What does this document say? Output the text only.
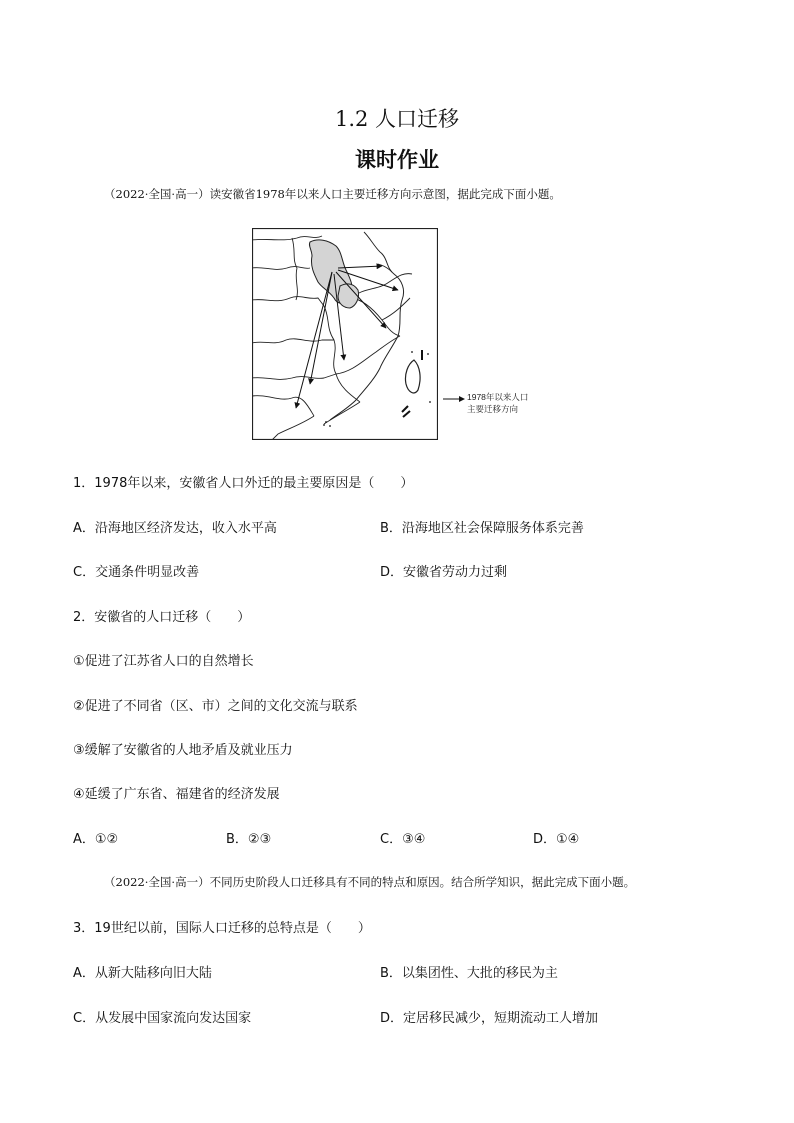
1.2 人口迁移
课时作业
（2022·全国·高一）读安徽省1978年以来人口主要迁移方向示意图，据此完成下面小题。
1978年以来人口
主要迁移方向
1．1978年以来，安徽省人口外迁的最主要原因是（　　）
A．沿海地区经济发达，收入水平高	B．沿海地区社会保障服务体系完善
C．交通条件明显改善	D．安徽省劳动力过剩
2．安徽省的人口迁移（　　）
①促进了江苏省人口的自然增长
②促进了不同省（区、市）之间的文化交流与联系
③缓解了安徽省的人地矛盾及就业压力
④延缓了广东省、福建省的经济发展
A．①②	B．②③	C．③④	D．①④
（2022·全国·高一）不同历史阶段人口迁移具有不同的特点和原因。结合所学知识，据此完成下面小题。
3．19世纪以前，国际人口迁移的总特点是（　　）
A．从新大陆移向旧大陆	B．以集团性、大批的移民为主
C．从发展中国家流向发达国家	D．定居移民减少，短期流动工人增加
